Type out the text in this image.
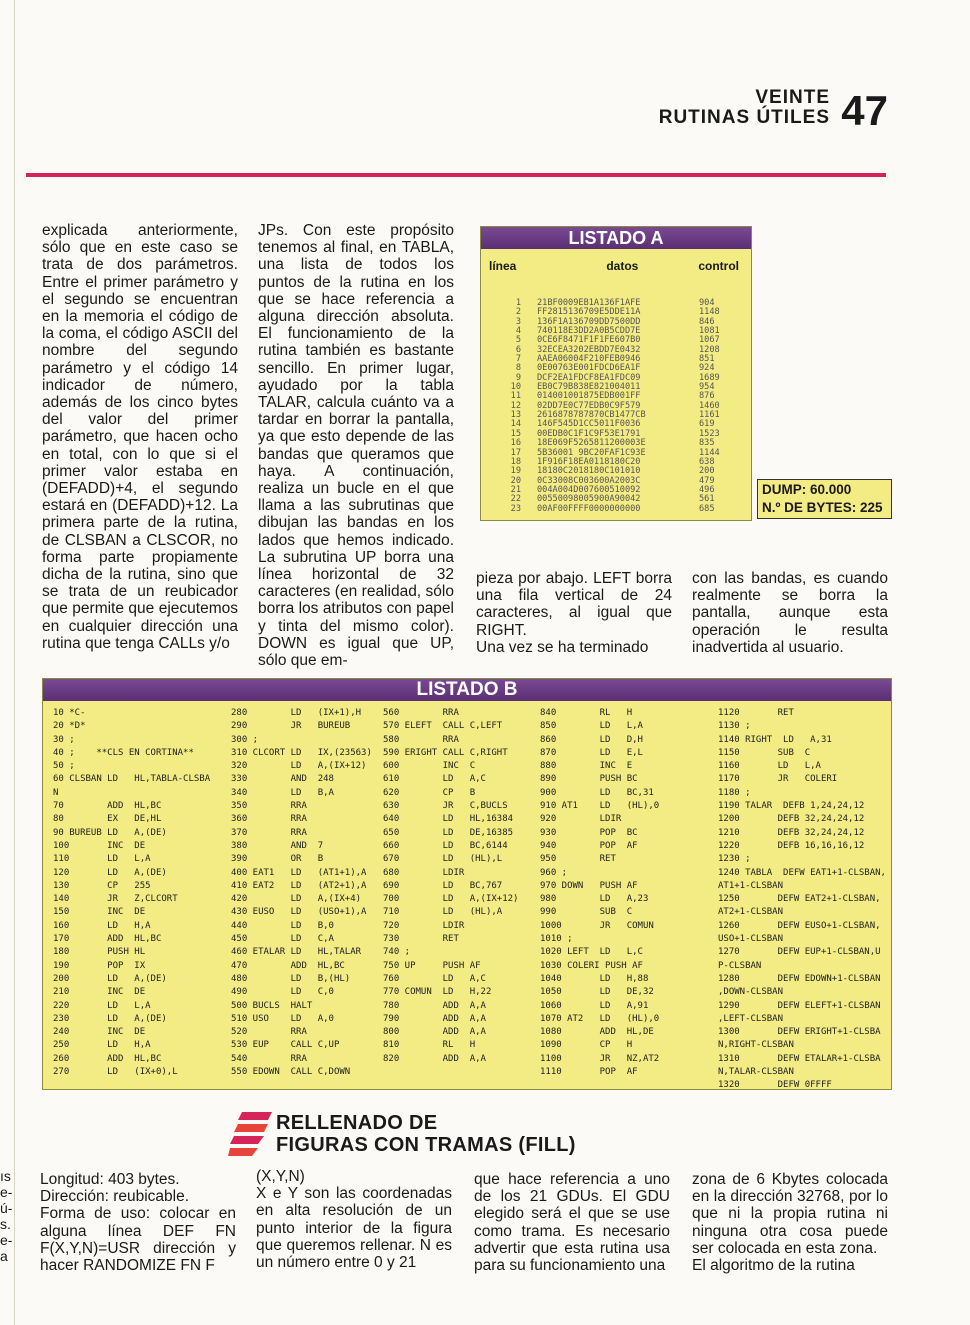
VEINTE
RUTINAS ÚTILES 47
explicada anteriormente, sólo que en este caso se trata de dos parámetros. Entre el primer parámetro y el segundo se encuentran en la memoria el código de la coma, el código ASCII del nombre del segundo parámetro y el código 14 indicador de número, además de los cinco bytes del valor del primer parámetro, que hacen ocho en total, con lo que si el primer valor estaba en (DEFADD)+4, el segundo estará en (DEFADD)+12. La primera parte de la rutina, de CLSBAN a CLSCOR, no forma parte propiamente dicha de la rutina, sino que se trata de un reubicador que permite que ejecutemos en cualquier dirección una rutina que tenga CALLs y/o
JPs. Con este propósito tenemos al final, en TABLA, una lista de todos los puntos de la rutina en los que se hace referencia a alguna dirección absoluta. El funcionamiento de la rutina también es bastante sencillo. En primer lugar, ayudado por la tabla TALAR, calcula cuánto va a tardar en borrar la pantalla, ya que esto depende de las bandas que queramos que haya. A continuación, realiza un bucle en el que llama a las subrutinas que dibujan las bandas en los lados que hemos indicado. La subrutina UP borra una línea horizontal de 32 caracteres (en realidad, sólo borra los atributos con papel y tinta del mismo color). DOWN es igual que UP, sólo que em-
LISTADO A
línea	datos	control
1	21BF0009EB1A136F1AFE	904
2	FF2815136709E5DDE11A	1148
3	136F1A136709DD7500DD	846
4	740118E3DD2A0B5CDD7E	1081
5	0CE6F8471F1F1FE607B0	1067
6	32ECEA3202EBDD7E0432	1208
7	AAEA06004F210FEB0946	851
8	0E00763E001FDCD6EA1F	924
9	DCF2EA1FDCF8EA1FDC09	1689
10	EB0C79B838E821004011	954
11	014001001875EDB001FF	876
12	02DD7E0C77EDB0C9F579	1460
13	2616878787870CB1477CB	1161
14	146F545D1CC5011F0036	619
15	00EDB0C1F1C9F53E1791	1523
16	18E069F5265811200003E	835
17	5B36001 9BC20FAF1C93E	1144
18	1F916F18EA0118180C20	638
19	18180C2018180C101010	200
20	0C33008C003600A2003C	479
21	004A004D007600510092	496
22	00550098005900A90042	561
23	00AF00FFFF0000000000	685
DUMP: 60.000
N.º DE BYTES: 225

pieza por abajo. LEFT borra una fila vertical de 24 caracteres, al igual que RIGHT.

Una vez se ha terminado

con las bandas, es cuando realmente se borra la pantalla, aunque esta operación le resulta inadvertida al usuario.
LISTADO B
10 *C-
20 *D*
30 ;
40 ;    **CLS EN CORTINA**
50 ;
60 CLSBAN LD   HL,TABLA-CLSBA
N
70        ADD  HL,BC
80        EX   DE,HL
90 BUREUB LD   A,(DE)
100       INC  DE
110       LD   L,A
120       LD   A,(DE)
130       CP   255
140       JR   Z,CLCORT
150       INC  DE
160       LD   H,A
170       ADD  HL,BC
180       PUSH HL
190       POP  IX
200       LD   A,(DE)
210       INC  DE
220       LD   L,A
230       LD   A,(DE)
240       INC  DE
250       LD   H,A
260       ADD  HL,BC
270       LD   (IX+0),L
280        LD   (IX+1),H
290        JR   BUREUB
300 ;
310 CLCORT LD   IX,(23563)
320        LD   A,(IX+12)
330        AND  248
340        LD   B,A
350        RRA
360        RRA
370        RRA
380        AND  7
390        OR   B
400 EAT1   LD   (AT1+1),A
410 EAT2   LD   (AT2+1),A
420        LD   A,(IX+4)
430 EUSO   LD   (USO+1),A
440        LD   B,0
450        LD   C,A
460 ETALAR LD   HL,TALAR
470        ADD  HL,BC
480        LD   B,(HL)
490        LD   C,0
500 BUCLS  HALT
510 USO    LD   A,0
520        RRA
530 EUP    CALL C,UP
540        RRA
550 EDOWN  CALL C,DOWN
560        RRA
570 ELEFT  CALL C,LEFT
580        RRA
590 ERIGHT CALL C,RIGHT
600        INC  C
610        LD   A,C
620        CP   B
630        JR   C,BUCLS
640        LD   HL,16384
650        LD   DE,16385
660        LD   BC,6144
670        LD   (HL),L
680        LDIR
690        LD   BC,767
700        LD   A,(IX+12)
710        LD   (HL),A
720        LDIR
730        RET
740 ;
750 UP     PUSH AF
760        LD   A,C
770 COMUN  LD   H,22
780        ADD  A,A
790        ADD  A,A
800        ADD  A,A
810        RL   H
820        ADD  A,A
840        RL   H
850        LD   L,A
860        LD   D,H
870        LD   E,L
880        INC  E
890        PUSH BC
900        LD   BC,31
910 AT1    LD   (HL),0
920        LDIR
930        POP  BC
940        POP  AF
950        RET
960 ;
970 DOWN   PUSH AF
980        LD   A,23
990        SUB  C
1000       JR   COMUN
1010 ;
1020 LEFT  LD   L,C
1030 COLERI PUSH AF
1040       LD   H,88
1050       LD   DE,32
1060       LD   A,91
1070 AT2   LD   (HL),0
1080       ADD  HL,DE
1090       CP   H
1100       JR   NZ,AT2
1110       POP  AF
1120       RET
1130 ;
1140 RIGHT  LD   A,31
1150       SUB  C
1160       LD   L,A
1170       JR   COLERI
1180 ;
1190 TALAR  DEFB 1,24,24,12
1200       DEFB 32,24,24,12
1210       DEFB 32,24,24,12
1220       DEFB 16,16,16,12
1230 ;
1240 TABLA  DEFW EAT1+1-CLSBAN,
AT1+1-CLSBAN
1250       DEFW EAT2+1-CLSBAN,
AT2+1-CLSBAN
1260       DEFW EUSO+1-CLSBAN,
USO+1-CLSBAN
1270       DEFW EUP+1-CLSBAN,U
P-CLSBAN
1280       DEFW EDOWN+1-CLSBAN
,DOWN-CLSBAN
1290       DEFW ELEFT+1-CLSBAN
,LEFT-CLSBAN
1300       DEFW ERIGHT+1-CLSBA
N,RIGHT-CLSBAN
1310       DEFW ETALAR+1-CLSBA
N,TALAR-CLSBAN
1320       DEFW 0FFFF
RELLENADO DE
FIGURAS CON TRAMAS (FILL)
Longitud: 403 bytes.
Dirección: reubicable.
Forma de uso: colocar en alguna línea DEF FN F(X,Y,N)=USR dirección y hacer RANDOMIZE FN F
(X,Y,N)
X e Y son las coordenadas en alta resolución de un punto interior de la figura que queremos rellenar. N es un número entre 0 y 21
que hace referencia a uno de los 21 GDUs. El GDU elegido será el que se use como trama. Es necesario advertir que esta rutina usa para su funcionamiento una
zona de 6 Kbytes colocada en la dirección 32768, por lo que ni la propia rutina ni ninguna otra cosa puede ser colocada en esta zona.
El algoritmo de la rutina
ıs
e-
ú-
s.
e-
a
